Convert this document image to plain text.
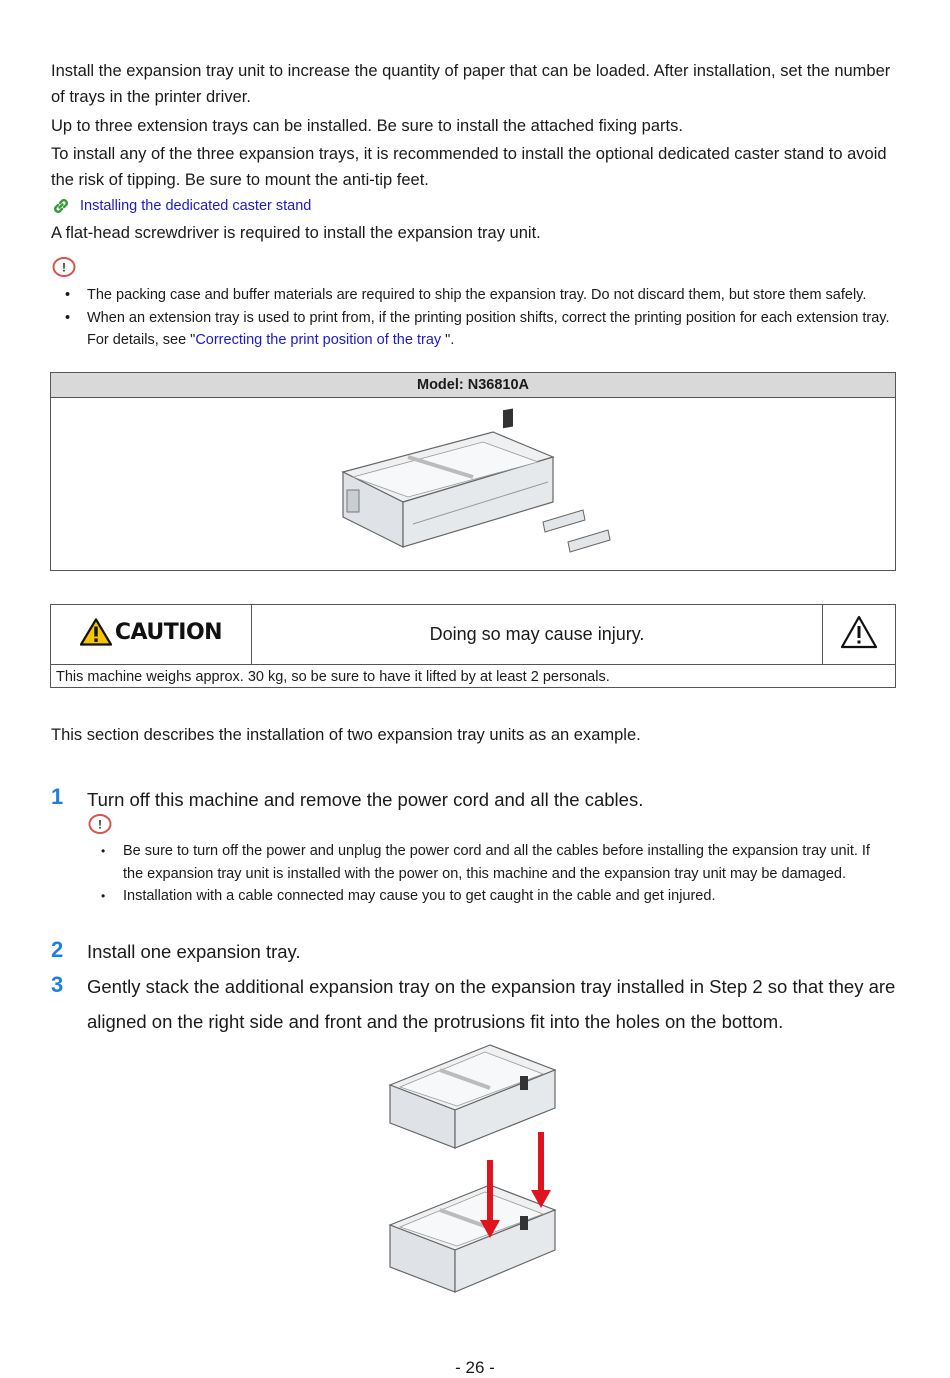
Install the expansion tray unit to increase the quantity of paper that can be loaded. After installation, set the number of trays in the printer driver.
Up to three extension trays can be installed. Be sure to install the attached fixing parts.
To install any of the three expansion trays, it is recommended to install the optional dedicated caster stand to avoid the risk of tipping. Be sure to mount the anti-tip feet.
Installing the dedicated caster stand
A flat-head screwdriver is required to install the expansion tray unit.
!
• The packing case and buffer materials are required to ship the expansion tray. Do not discard them, but store them safely.
• When an extension tray is used to print from, if the printing position shifts, correct the printing position for each extension tray. For details, see "Correcting the print position of the tray ".
Model: N36810A

CAUTION	Doing so may cause injury.	
This machine weighs approx. 30 kg, so be sure to have it lifted by at least 2 personals.
This section describes the installation of two expansion tray units as an example.
1 Turn off this machine and remove the power cord and all the cables.
!
• Be sure to turn off the power and unplug the power cord and all the cables before installing the expansion tray unit. If the expansion tray unit is installed with the power on, this machine and the expansion tray unit may be damaged.
• Installation with a cable connected may cause you to get caught in the cable and get injured.
2 Install one expansion tray.
3 Gently stack the additional expansion tray on the expansion tray installed in Step 2 so that they are aligned on the right side and front and the protrusions fit into the holes on the bottom.
- 26 -
